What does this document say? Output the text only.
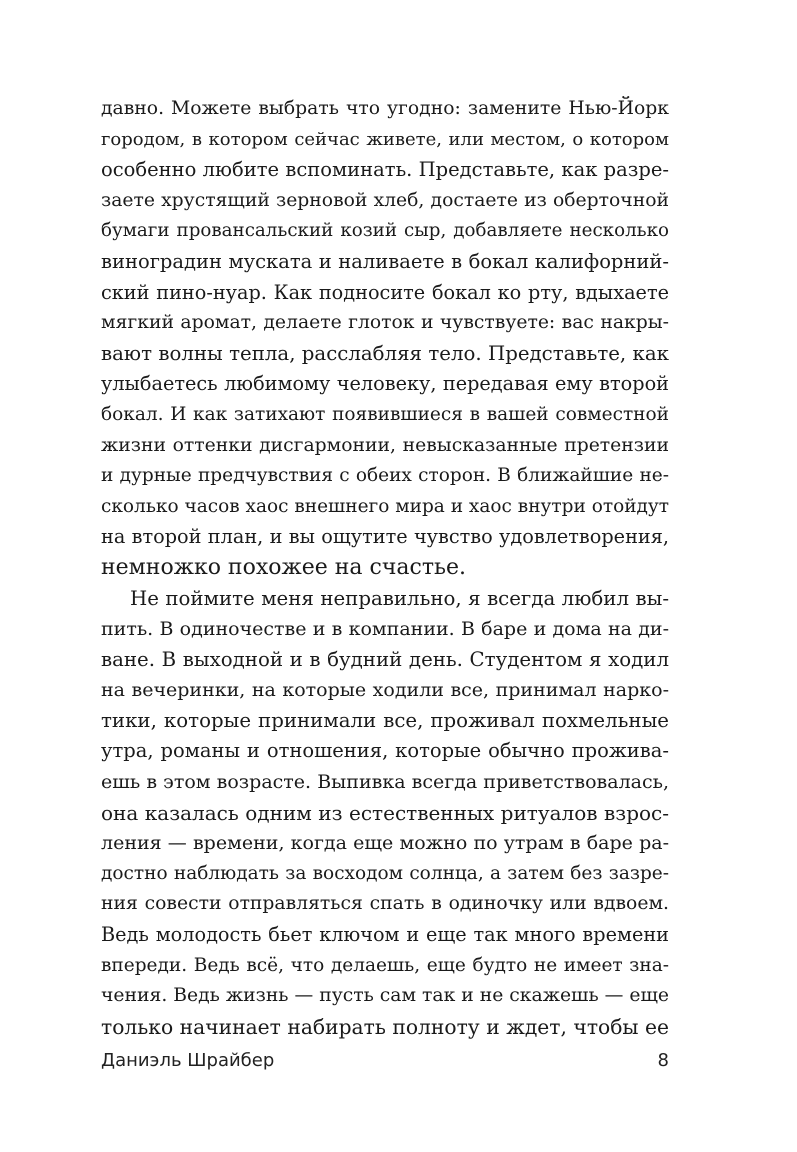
давно. Можете выбрать что угодно: замените Нью-Йорк
городом, в котором сейчас живете, или местом, о котором
особенно любите вспоминать. Представьте, как разре-
заете хрустящий зерновой хлеб, достаете из оберточной
бумаги провансальский козий сыр, добавляете несколько
виноградин муската и наливаете в бокал калифорний-
ский пино-нуар. Как подносите бокал ко рту, вдыхаете
мягкий аромат, делаете глоток и чувствуете: вас накры-
вают волны тепла, расслабляя тело. Представьте, как
улыбаетесь любимому человеку, передавая ему второй
бокал. И как затихают появившиеся в вашей совместной
жизни оттенки дисгармонии, невысказанные претензии
и дурные предчувствия с обеих сторон. В ближайшие не-
сколько часов хаос внешнего мира и хаос внутри отойдут
на второй план, и вы ощутите чувство удовлетворения,
немножко похожее на счастье.
Не поймите меня неправильно, я всегда любил вы-
пить. В одиночестве и в компании. В баре и дома на ди-
ване. В выходной и в будний день. Студентом я ходил
на вечеринки, на которые ходили все, принимал нарко-
тики, которые принимали все, проживал похмельные
утра, романы и отношения, которые обычно прожива-
ешь в этом возрасте. Выпивка всегда приветствовалась,
она казалась одним из естественных ритуалов взрос-
ления — времени, когда еще можно по утрам в баре ра-
достно наблюдать за восходом солнца, а затем без зазре-
ния совести отправляться спать в одиночку или вдвоем.
Ведь молодость бьет ключом и еще так много времени
впереди. Ведь всё, что делаешь, еще будто не имеет зна-
чения. Ведь жизнь — пусть сам так и не скажешь — еще
только начинает набирать полноту и ждет, чтобы ее
Даниэль Шрайбер	8
